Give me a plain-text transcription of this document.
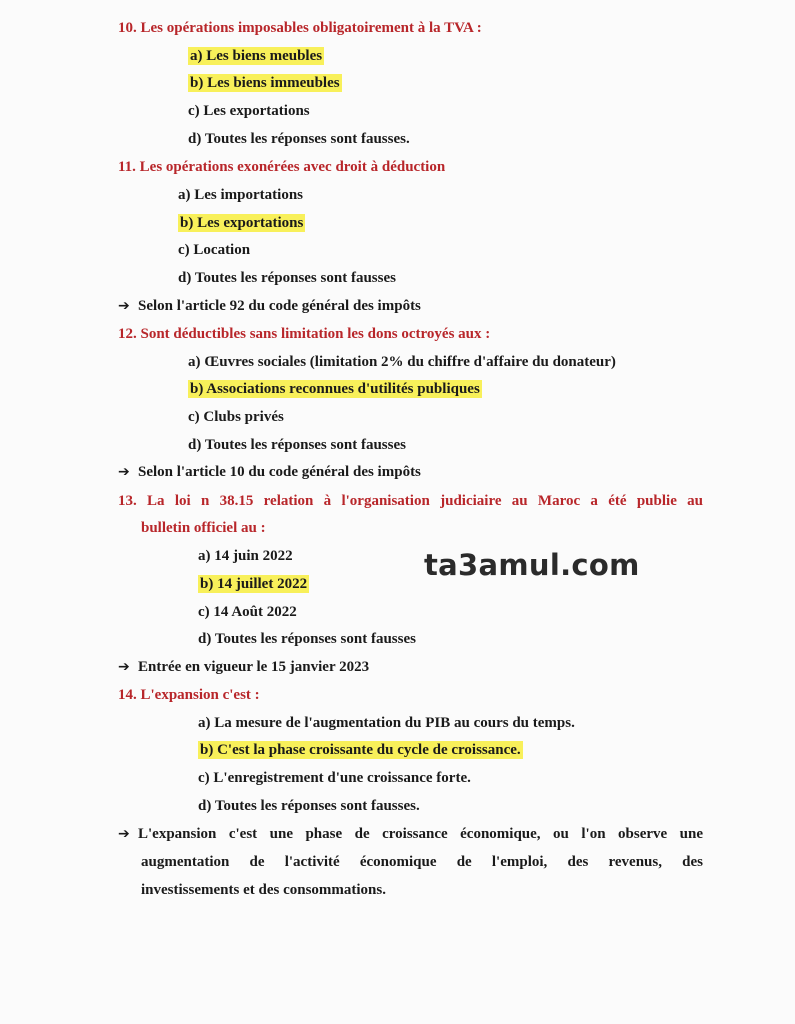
10. Les opérations imposables obligatoirement à la TVA :
a) Les biens meubles
b) Les biens immeubles
c) Les exportations
d) Toutes les réponses sont fausses.
11. Les opérations exonérées avec droit à déduction
a) Les importations
b) Les exportations
c) Location
d) Toutes les réponses sont fausses
➔ Selon l'article 92 du code général des impôts
12. Sont déductibles sans limitation les dons octroyés aux :
a) Œuvres sociales (limitation 2% du chiffre d'affaire du donateur)
b) Associations reconnues d'utilités publiques
c) Clubs privés
d) Toutes les réponses sont fausses
➔ Selon l'article 10 du code général des impôts
13. La loi n 38.15 relation à l'organisation judiciaire au Maroc a été publie au
bulletin officiel au :
a) 14 juin 2022
b) 14 juillet 2022
c) 14 Août 2022
d) Toutes les réponses sont fausses
➔ Entrée en vigueur le 15 janvier 2023
14. L'expansion c'est :
a) La mesure de l'augmentation du PIB au cours du temps.
b) C'est la phase croissante du cycle de croissance.
c) L'enregistrement d'une croissance forte.
d) Toutes les réponses sont fausses.
➔ L'expansion c'est une phase de croissance économique, ou l'on observe une
augmentation de l'activité économique de l'emploi, des revenus, des
investissements et des consommations.
ta3amul.com
